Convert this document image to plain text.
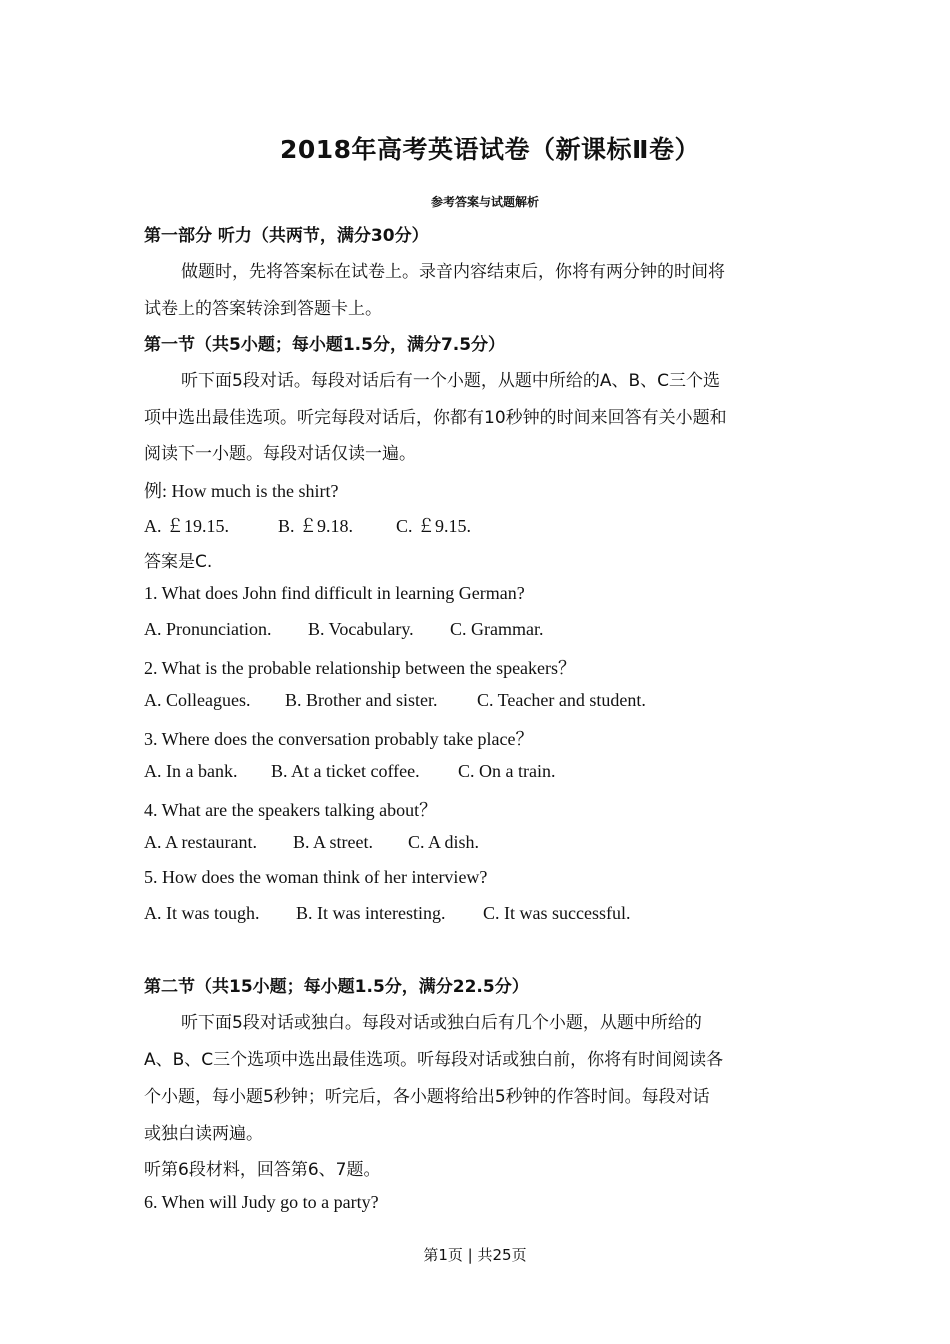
2018年高考英语试卷（新课标Ⅱ卷）
参考答案与试题解析
第一部分 听力（共两节，满分30分）
做题时，先将答案标在试卷上。录音内容结束后，你将有两分钟的时间将
试卷上的答案转涂到答题卡上。
第一节（共5小题；每小题1.5分，满分7.5分）
听下面5段对话。每段对话后有一个小题，从题中所给的A、B、C三个选
项中选出最佳选项。听完每段对话后，你都有10秒钟的时间来回答有关小题和
阅读下一小题。每段对话仅读一遍。
例: How much is the shirt?
A. ￡19.15.	B. ￡9.18. C. ￡9.15.
答案是C.
1. What does John find difficult in learning German?
A. Pronunciation. B. Vocabulary. C. Grammar.
2. What is the probable relationship between the speakers？
A. Colleagues. B. Brother and sister. C. Teacher and student.
3. Where does the conversation probably take place？
A. In a bank. B. At a ticket coffee. C. On a train.
4. What are the speakers talking about？
A. A restaurant. B. A street. C. A dish.
5. How does the woman think of her interview?
A. It was tough. B. It was interesting. C. It was successful.
第二节（共15小题；每小题1.5分，满分22.5分）
听下面5段对话或独白。每段对话或独白后有几个小题，从题中所给的
A、B、C三个选项中选出最佳选项。听每段对话或独白前，你将有时间阅读各
个小题，每小题5秒钟；听完后，各小题将给出5秒钟的作答时间。每段对话
或独白读两遍。
听第6段材料，回答第6、7题。
6. When will Judy go to a party?
第1页 | 共25页
